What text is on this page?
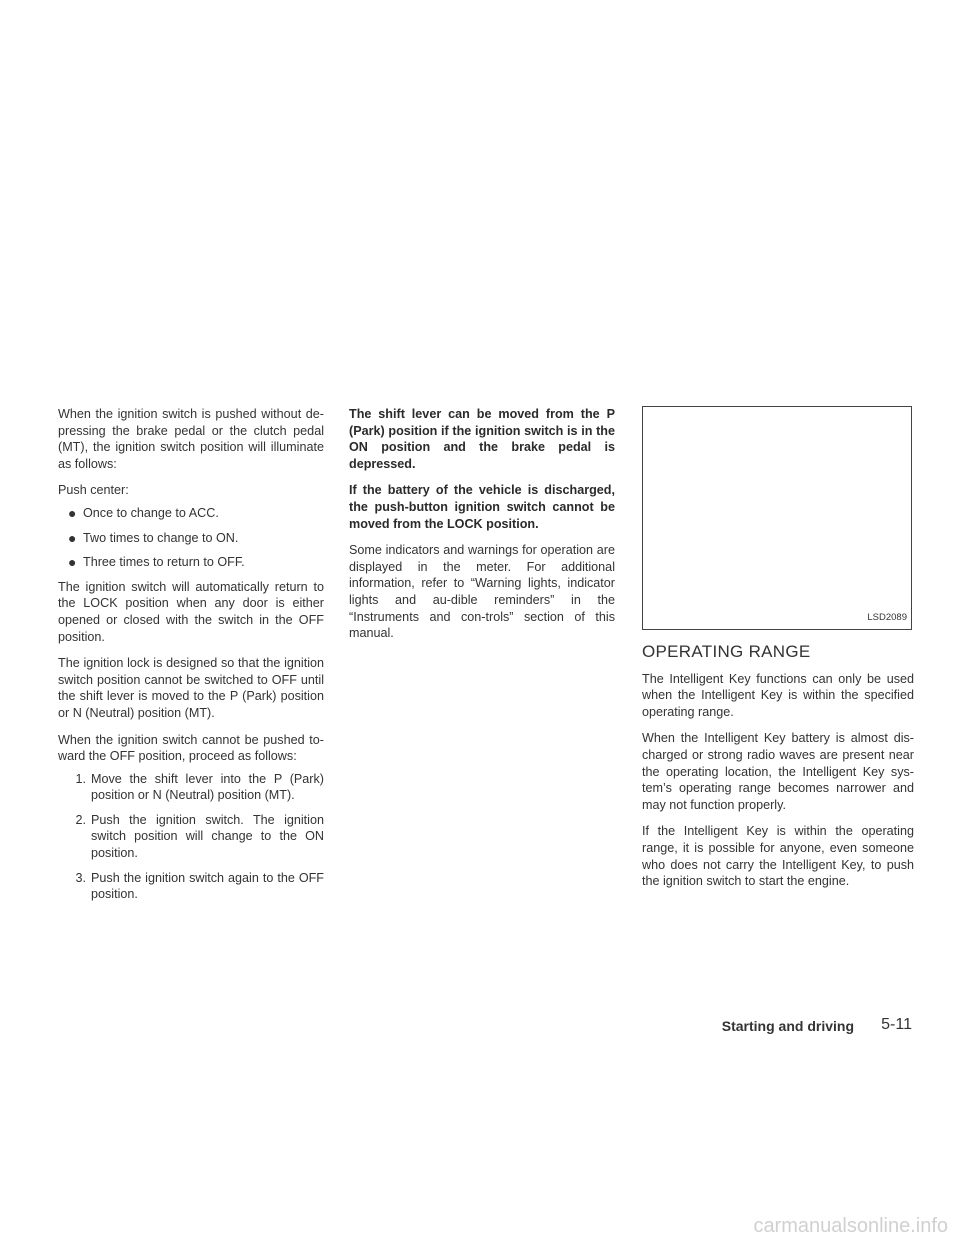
When the ignition switch is pushed without de-pressing the brake pedal or the clutch pedal (MT), the ignition switch position will illuminate as follows:

Push center:

● Once to change to ACC.
● Two times to change to ON.
● Three times to return to OFF.

The ignition switch will automatically return to the LOCK position when any door is either opened or closed with the switch in the OFF position.

The ignition lock is designed so that the ignition switch position cannot be switched to OFF until the shift lever is moved to the P (Park) position or N (Neutral) position (MT).

When the ignition switch cannot be pushed to-ward the OFF position, proceed as follows:

1. Move the shift lever into the P (Park) position or N (Neutral) position (MT).
2. Push the ignition switch. The ignition switch position will change to the ON position.
3. Push the ignition switch again to the OFF position.

The shift lever can be moved from the P (Park) position if the ignition switch is in the ON position and the brake pedal is depressed.

If the battery of the vehicle is discharged, the push-button ignition switch cannot be moved from the LOCK position.

Some indicators and warnings for operation are displayed in the meter. For additional information, refer to “Warning lights, indicator lights and au-dible reminders” in the “Instruments and con-trols” section of this manual.

LSD2089
OPERATING RANGE

The Intelligent Key functions can only be used when the Intelligent Key is within the specified operating range.

When the Intelligent Key battery is almost dis-charged or strong radio waves are present near the operating location, the Intelligent Key sys-tem’s operating range becomes narrower and may not function properly.

If the Intelligent Key is within the operating range, it is possible for anyone, even someone who does not carry the Intelligent Key, to push the ignition switch to start the engine.

Starting and driving 5-11
carmanualsonline.info
